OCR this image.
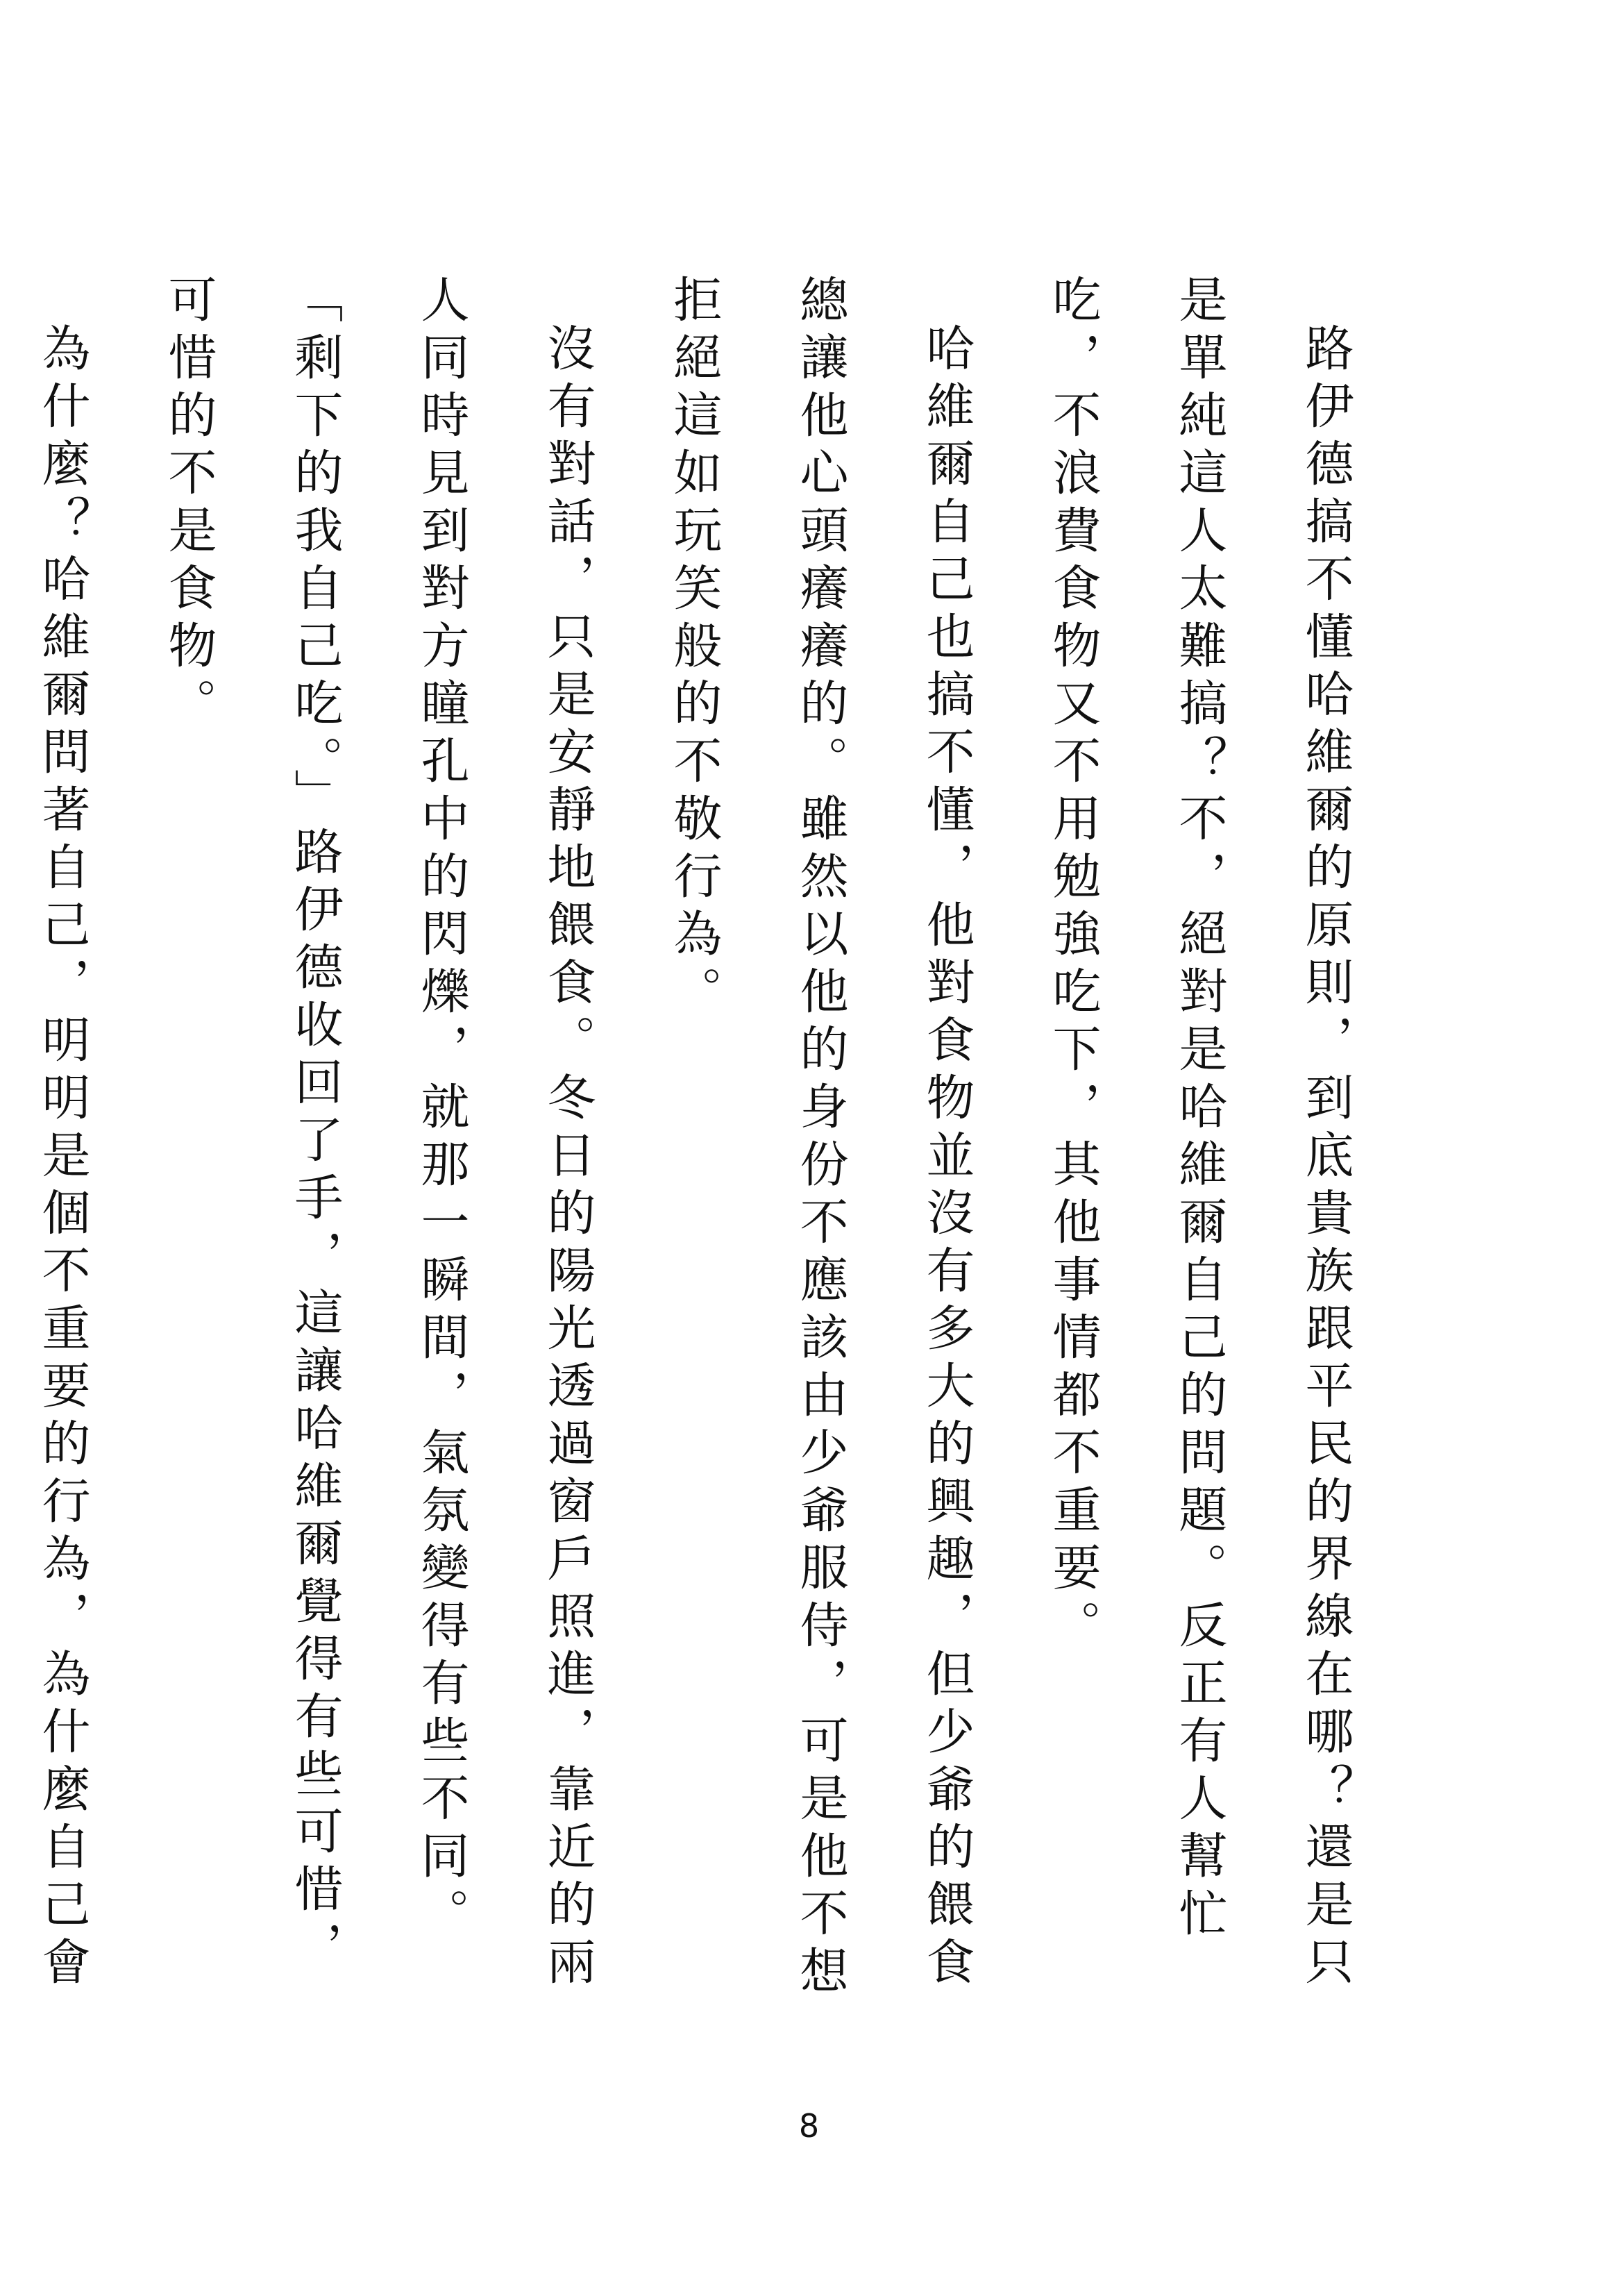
路伊德搞不懂哈維爾的原則，到底貴族跟平民的界線在哪？還是只是單純這人太難搞？不，絕對是哈維爾自己的問題。反正有人幫忙吃，不浪費食物又不用勉強吃下，其他事情都不重要。

哈維爾自己也搞不懂，他對食物並沒有多大的興趣，但少爺的餵食總讓他心頭癢癢的。雖然以他的身份不應該由少爺服侍，可是他不想拒絕這如玩笑般的不敬行為。

沒有對話，只是安靜地餵食。冬日的陽光透過窗戶照進，靠近的兩人同時見到對方瞳孔中的閃爍，就那一瞬間，氣氛變得有些不同。

「剩下的我自己吃。」路伊德收回了手，這讓哈維爾覺得有些可惜，可惜的不是食物。

為什麼？哈維爾問著自己，明明是個不重要的行為，為什麼自己會

8
